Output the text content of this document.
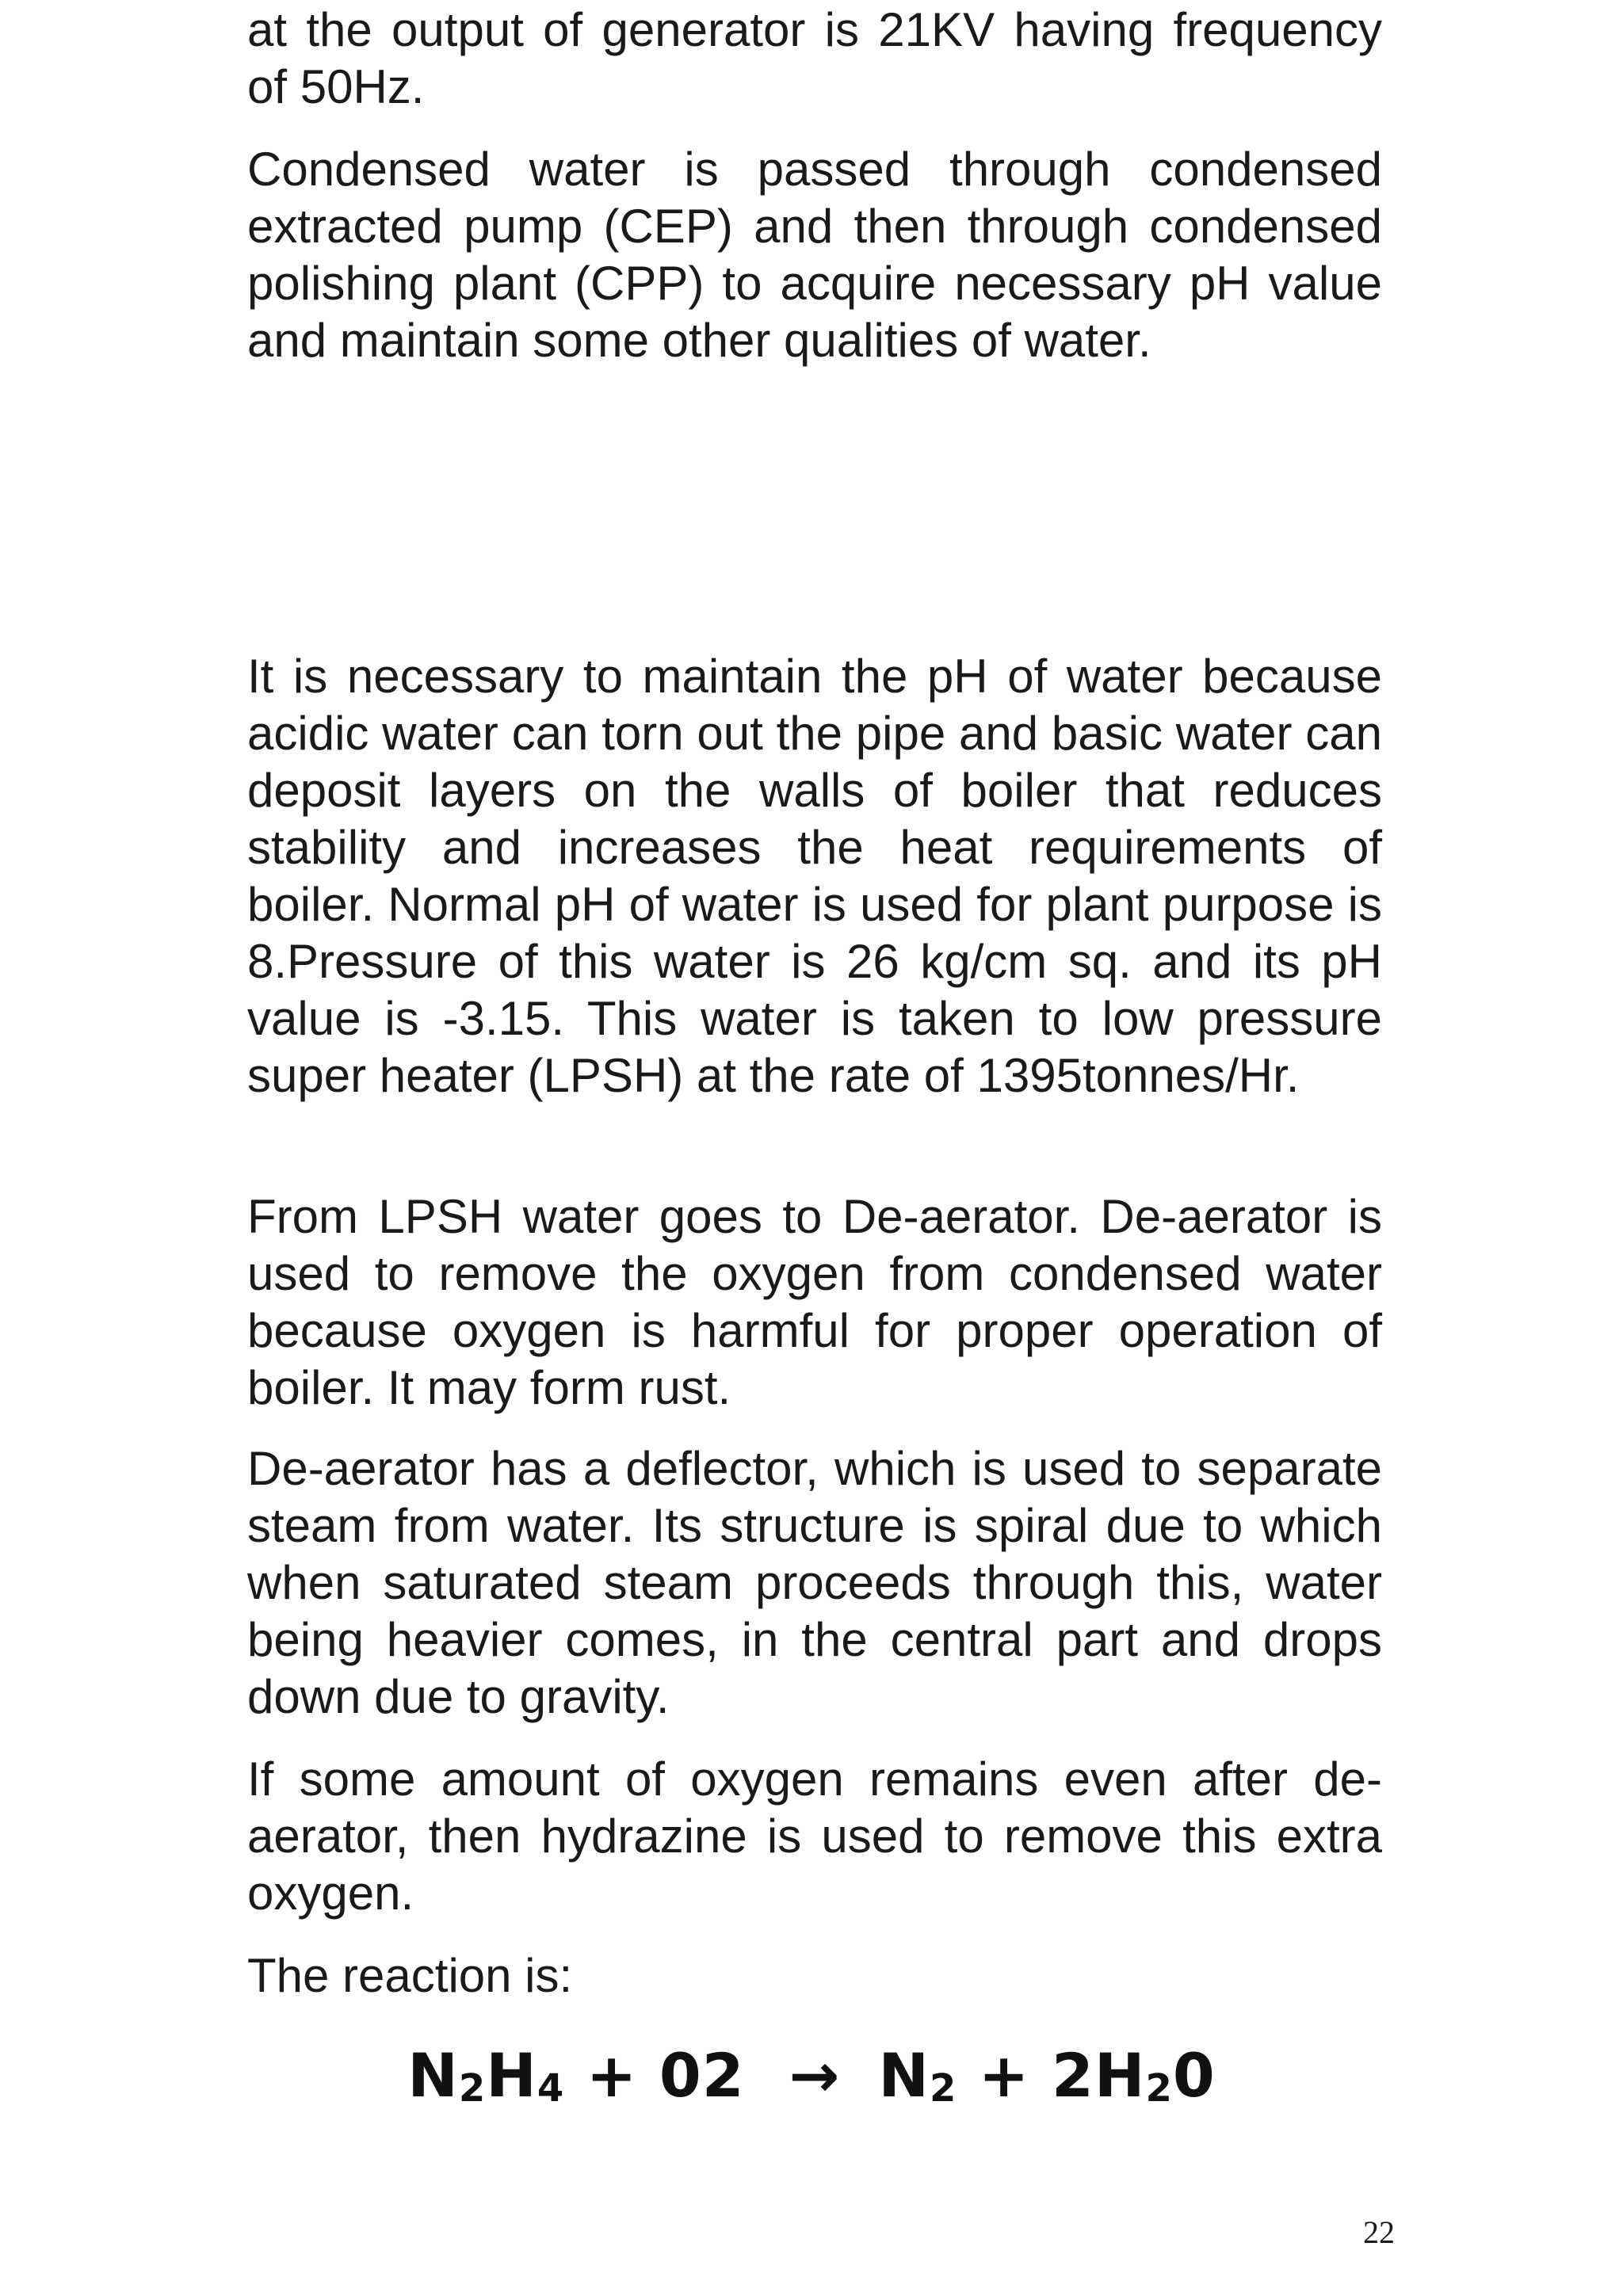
at the output of generator is 21KV having frequency of 50Hz.

Condensed water is passed through condensed extracted pump (CEP) and then through condensed polishing plant (CPP) to acquire necessary pH value and maintain some other qualities of water.

It is necessary to maintain the pH of water because acidic water can torn out the pipe and basic water can deposit layers on the walls of boiler that reduces stability and increases the heat requirements of boiler. Normal pH of water is used for plant purpose is 8.Pressure of this water is 26 kg/cm sq. and its pH value is -3.15. This water is taken to low pressure super heater (LPSH) at the rate of 1395tonnes/Hr.

From LPSH water goes to De-aerator. De-aerator is used to remove the oxygen from condensed water because oxygen is harmful for proper operation of boiler. It may form rust.

De-aerator has a deflector, which is used to separate steam from water. Its structure is spiral due to which when saturated steam proceeds through this, water being heavier comes, in the central part and drops down due to gravity.

If some amount of oxygen remains even after de-aerator, then hydrazine is used to remove this extra oxygen.

The reaction is:

$N_2H_4 + 02 \to N_2 + 2H_20$
22
